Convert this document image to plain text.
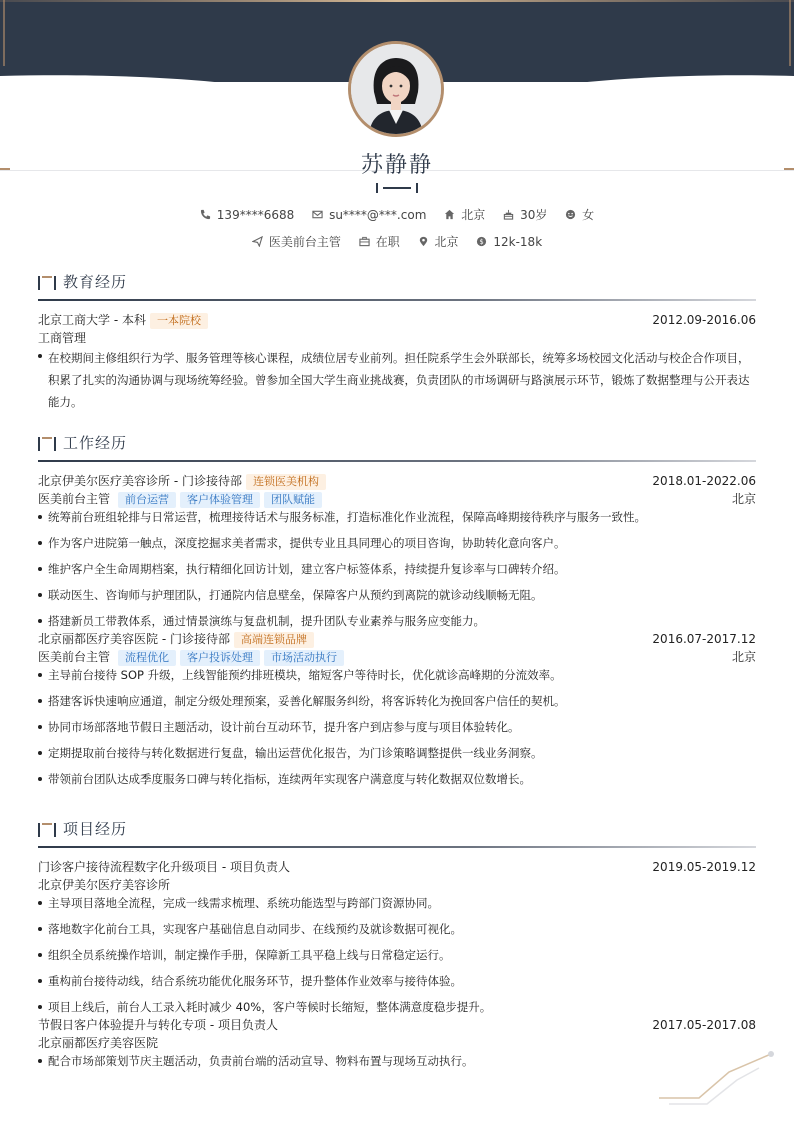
苏静静
139****6688	su****@***.com	北京	30岁	女
医美前台主管	在职	北京	$ 12k-18k
教育经历
北京工商大学 - 本科 一本院校	2012.09-2016.06
工商管理
在校期间主修组织行为学、服务管理等核心课程，成绩位居专业前列。担任院系学生会外联部长，统筹多场校园文化活动与校企合作项目，积累了扎实的沟通协调与现场统筹经验。曾参加全国大学生商业挑战赛，负责团队的市场调研与路演展示环节，锻炼了数据整理与公开表达能力。
工作经历
北京伊美尔医疗美容诊所 - 门诊接待部 连锁医美机构	2018.01-2022.06
医美前台主管 前台运营 客户体验管理 团队赋能	北京
统筹前台班组轮排与日常运营，梳理接待话术与服务标准，打造标准化作业流程，保障高峰期接待秩序与服务一致性。
作为客户进院第一触点，深度挖掘求美者需求，提供专业且具同理心的项目咨询，协助转化意向客户。
维护客户全生命周期档案，执行精细化回访计划，建立客户标签体系，持续提升复诊率与口碑转介绍。
联动医生、咨询师与护理团队，打通院内信息壁垒，保障客户从预约到离院的就诊动线顺畅无阻。
搭建新员工带教体系，通过情景演练与复盘机制，提升团队专业素养与服务应变能力。
北京丽都医疗美容医院 - 门诊接待部 高端连锁品牌	2016.07-2017.12
医美前台主管 流程优化 客户投诉处理 市场活动执行	北京
主导前台接待 SOP 升级，上线智能预约排班模块，缩短客户等待时长，优化就诊高峰期的分流效率。
搭建客诉快速响应通道，制定分级处理预案，妥善化解服务纠纷，将客诉转化为挽回客户信任的契机。
协同市场部落地节假日主题活动，设计前台互动环节，提升客户到店参与度与项目体验转化。
定期提取前台接待与转化数据进行复盘，输出运营优化报告，为门诊策略调整提供一线业务洞察。
带领前台团队达成季度服务口碑与转化指标，连续两年实现客户满意度与转化数据双位数增长。
项目经历
门诊客户接待流程数字化升级项目 - 项目负责人	2019.05-2019.12
北京伊美尔医疗美容诊所
主导项目落地全流程，完成一线需求梳理、系统功能选型与跨部门资源协同。
落地数字化前台工具，实现客户基础信息自动同步、在线预约及就诊数据可视化。
组织全员系统操作培训，制定操作手册，保障新工具平稳上线与日常稳定运行。
重构前台接待动线，结合系统功能优化服务环节，提升整体作业效率与接待体验。
项目上线后，前台人工录入耗时减少 40%，客户等候时长缩短，整体满意度稳步提升。
节假日客户体验提升与转化专项 - 项目负责人	2017.05-2017.08
北京丽都医疗美容医院
配合市场部策划节庆主题活动，负责前台端的活动宣导、物料布置与现场互动执行。
